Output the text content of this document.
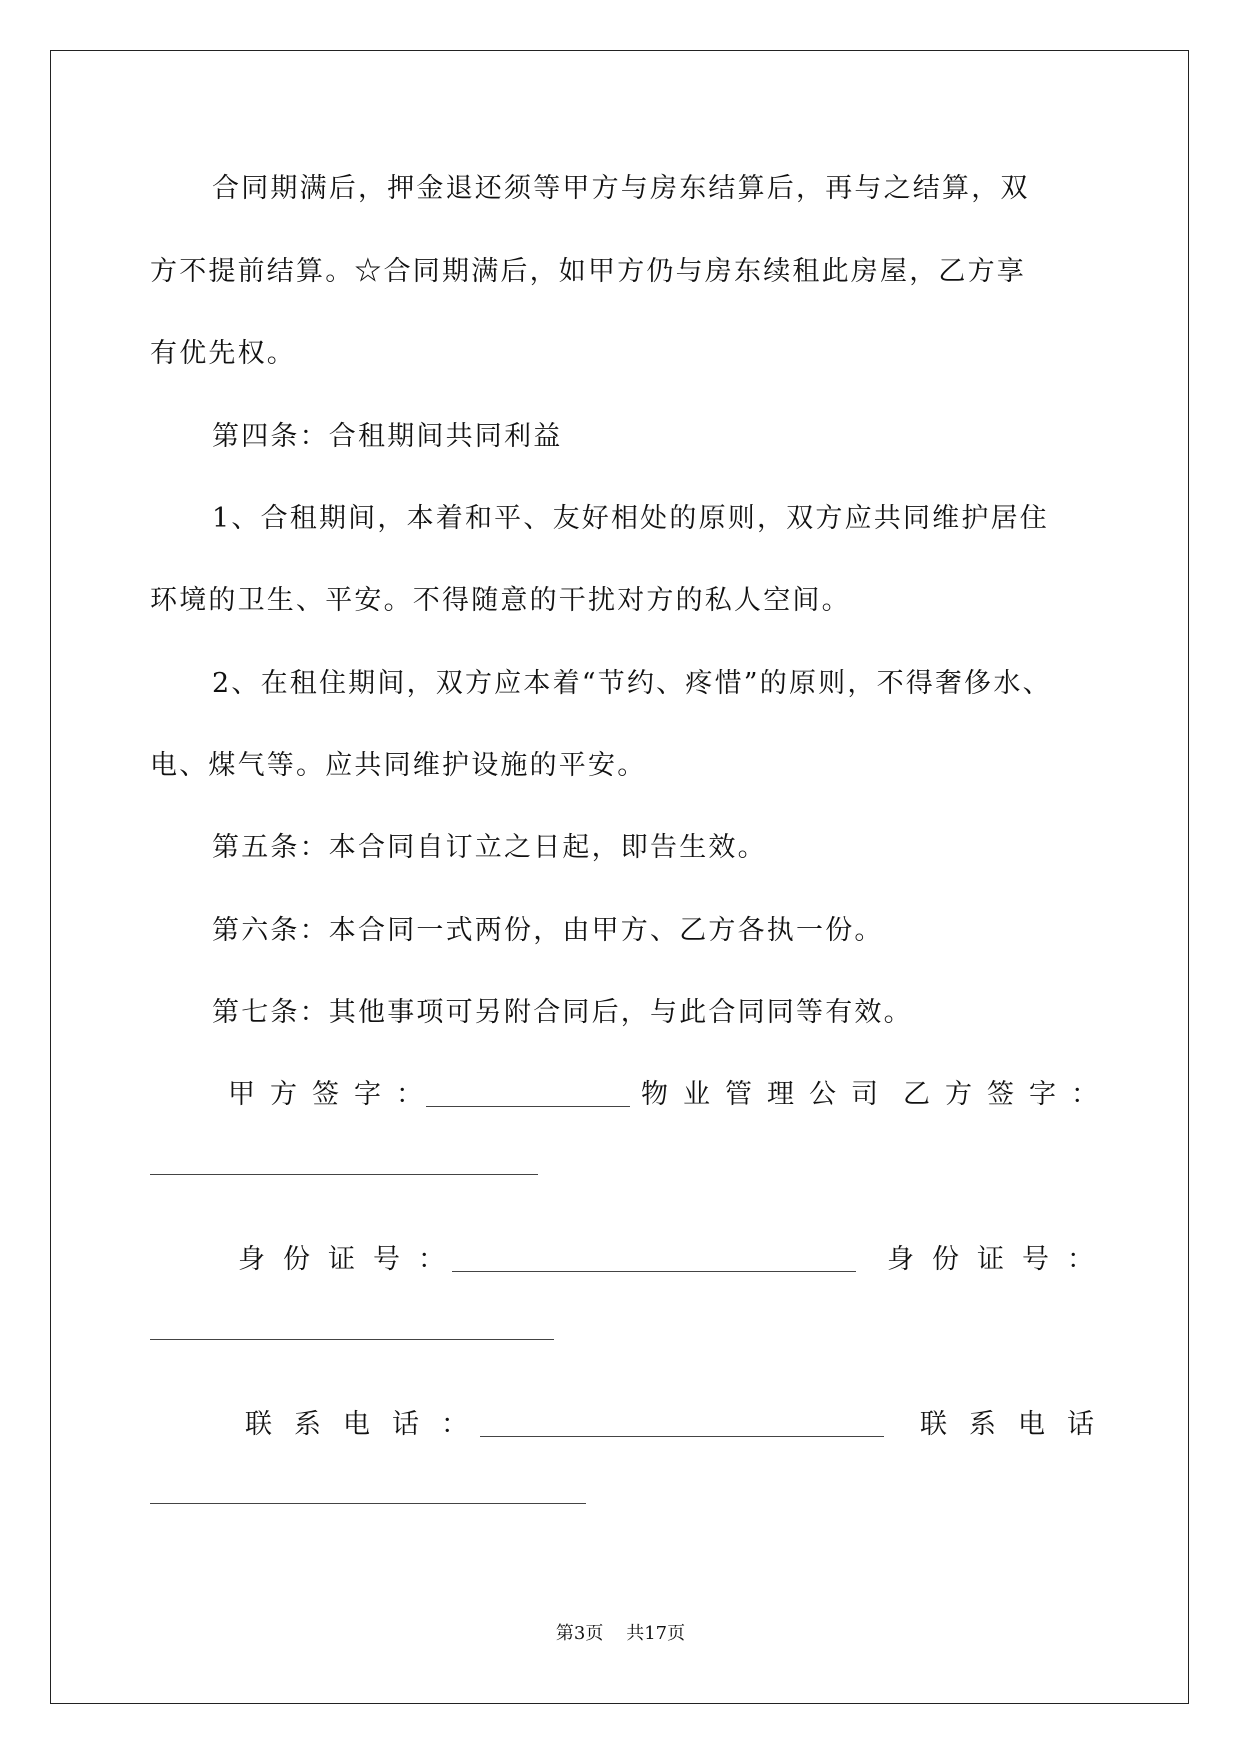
合同期满后，押金退还须等甲方与房东结算后，再与之结算，双
方不提前结算。☆合同期满后，如甲方仍与房东续租此房屋，乙方享
有优先权。
第四条：合租期间共同利益
1、合租期间，本着和平、友好相处的原则，双方应共同维护居住
环境的卫生、平安。不得随意的干扰对方的私人空间。
2、在租住期间，双方应本着“节约、疼惜”的原则，不得奢侈水、
电、煤气等。应共同维护设施的平安。
第五条：本合同自订立之日起，即告生效。
第六条：本合同一式两份，由甲方、乙方各执一份。
第七条：其他事项可另附合同后，与此合同同等有效。
甲方签字：	物业管理公司 乙方签字：
身份证号：	身份证号：
联系电话：	联系电话
第3页 共17页
